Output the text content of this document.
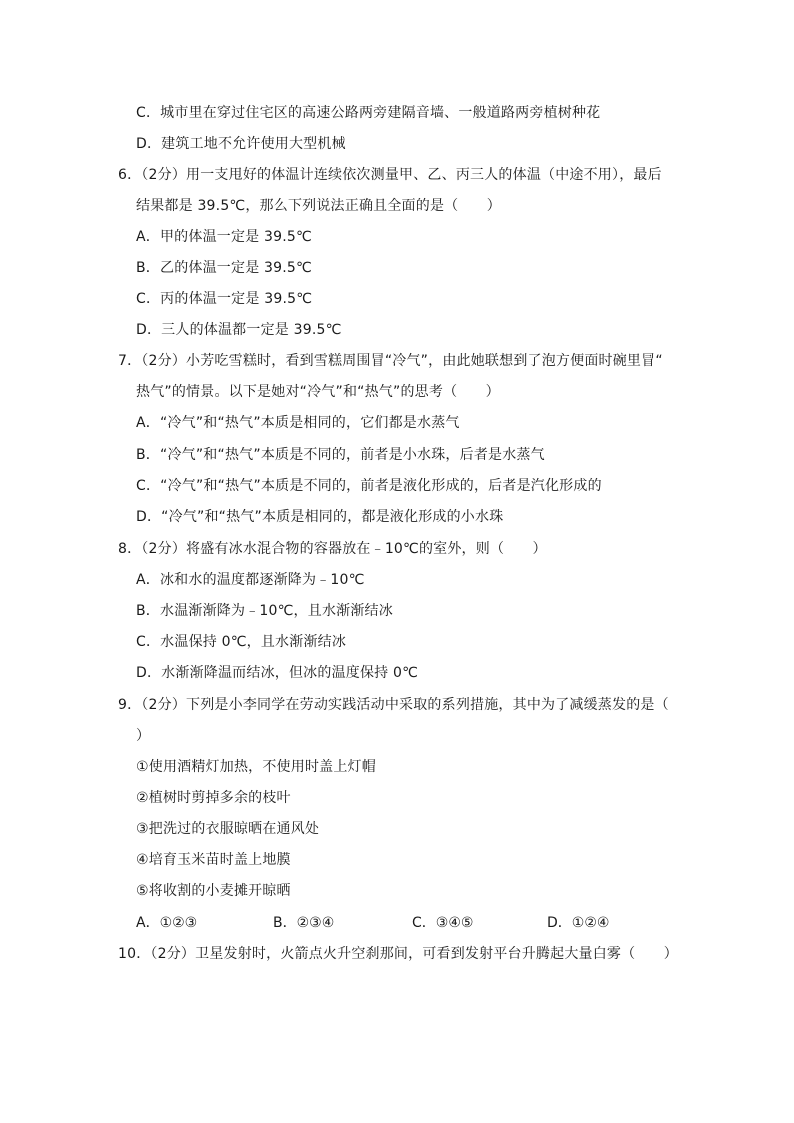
C．城市里在穿过住宅区的高速公路两旁建隔音墙、一般道路两旁植树种花
D．建筑工地不允许使用大型机械
6．（2分）用一支甩好的体温计连续依次测量甲、乙、丙三人的体温（中途不用），最后
结果都是 39.5℃，那么下列说法正确且全面的是（　　）
A．甲的体温一定是 39.5℃
B．乙的体温一定是 39.5℃
C．丙的体温一定是 39.5℃
D．三人的体温都一定是 39.5℃
7．（2分）小芳吃雪糕时，看到雪糕周围冒“冷气”，由此她联想到了泡方便面时碗里冒“
热气”的情景。以下是她对“冷气”和“热气”的思考（　　）
A．“冷气”和“热气”本质是相同的，它们都是水蒸气
B．“冷气”和“热气”本质是不同的，前者是小水珠，后者是水蒸气
C．“冷气”和“热气”本质是不同的，前者是液化形成的，后者是汽化形成的
D．“冷气”和“热气”本质是相同的，都是液化形成的小水珠
8．（2分）将盛有冰水混合物的容器放在﹣10℃的室外，则（　　）
A．冰和水的温度都逐渐降为﹣10℃
B．水温渐渐降为﹣10℃，且水渐渐结冰
C．水温保持 0℃，且水渐渐结冰
D．水渐渐降温而结冰，但冰的温度保持 0℃
9．（2分）下列是小李同学在劳动实践活动中采取的系列措施，其中为了减缓蒸发的是（
）
①使用酒精灯加热，不使用时盖上灯帽
②植树时剪掉多余的枝叶
③把洗过的衣服晾晒在通风处
④培育玉米苗时盖上地膜
⑤将收割的小麦摊开晾晒
A．①②③	B．②③④	C．③④⑤	D．①②④
10．（2分）卫星发射时，火箭点火升空刹那间，可看到发射平台升腾起大量白雾（　　）
